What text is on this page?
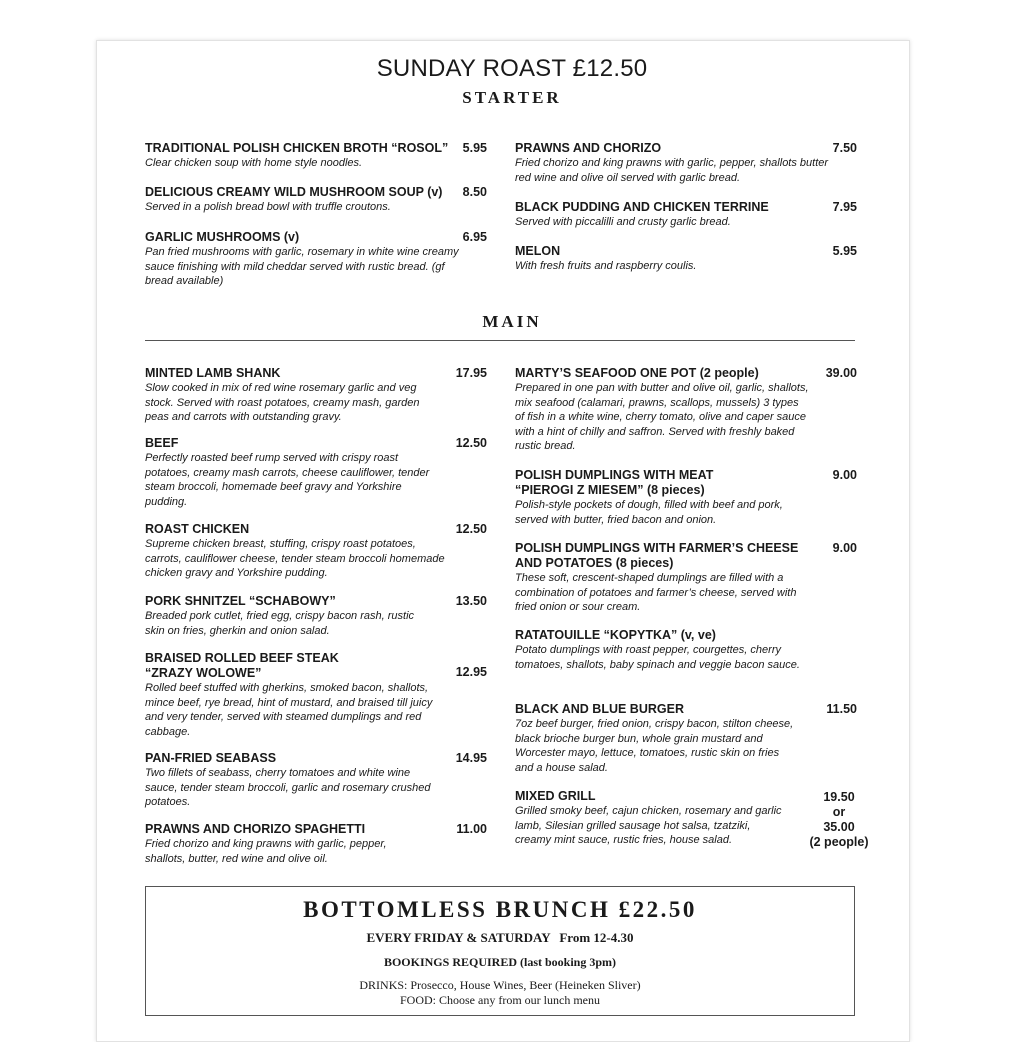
SUNDAY ROAST £12.50
STARTER
TRADITIONAL POLISH CHICKEN BROTH “ROSOL”
Clear chicken soup with home style noodles.
5.95
DELICIOUS CREAMY WILD MUSHROOM SOUP (v)
Served in a polish bread bowl with truffle croutons.
8.50
GARLIC MUSHROOMS (v)
Pan fried mushrooms with garlic, rosemary in white wine creamy sauce finishing with mild cheddar served with rustic bread. (gf bread available)
6.95
PRAWNS AND CHORIZO
Fried chorizo and king prawns with garlic, pepper, shallots butter red wine and olive oil served with garlic bread.
7.50
BLACK PUDDING AND CHICKEN TERRINE
Served with piccalilli and crusty garlic bread.
7.95
MELON
With fresh fruits and raspberry coulis.
5.95
MAIN
MINTED LAMB SHANK
Slow cooked in mix of red wine rosemary garlic and veg stock. Served with roast potatoes, creamy mash, garden peas and carrots with outstanding gravy.
17.95
BEEF
Perfectly roasted beef rump served with crispy roast potatoes, creamy mash carrots, cheese cauliflower, tender steam broccoli, homemade beef gravy and Yorkshire pudding.
12.50
ROAST CHICKEN
Supreme chicken breast, stuffing, crispy roast potatoes, carrots, cauliflower cheese, tender steam broccoli homemade chicken gravy and Yorkshire pudding.
12.50
PORK SHNITZEL “SCHABOWY”
Breaded pork cutlet, fried egg, crispy bacon rash, rustic skin on fries, gherkin and onion salad.
13.50
BRAISED ROLLED BEEF STEAK
“ZRAZY WOLOWE”
Rolled beef stuffed with gherkins, smoked bacon, shallots, mince beef, rye bread, hint of mustard, and braised till juicy and very tender, served with steamed dumplings and red cabbage.
12.95
PAN-FRIED SEABASS
Two fillets of seabass, cherry tomatoes and white wine sauce, tender steam broccoli, garlic and rosemary crushed potatoes.
14.95
PRAWNS AND CHORIZO SPAGHETTI
Fried chorizo and king prawns with garlic, pepper, shallots, butter, red wine and olive oil.
11.00
MARTY’S SEAFOOD ONE POT (2 people)
Prepared in one pan with butter and olive oil, garlic, shallots, mix seafood (calamari, prawns, scallops, mussels) 3 types of fish in a white wine, cherry tomato, olive and caper sauce with a hint of chilly and saffron. Served with freshly baked rustic bread.
39.00
POLISH DUMPLINGS WITH MEAT
“PIEROGI Z MIESEM” (8 pieces)
Polish-style pockets of dough, filled with beef and pork, served with butter, fried bacon and onion.
9.00
POLISH DUMPLINGS WITH FARMER’S CHEESE
AND POTATOES (8 pieces)
These soft, crescent-shaped dumplings are filled with a combination of potatoes and farmer’s cheese, served with fried onion or sour cream.
9.00
RATATOUILLE “KOPYTKA” (v, ve)
Potato dumplings with roast pepper, courgettes, cherry tomatoes, shallots, baby spinach and veggie bacon sauce.
BLACK AND BLUE BURGER
7oz beef burger, fried onion, crispy bacon, stilton cheese, black brioche burger bun, whole grain mustard and Worcester mayo, lettuce, tomatoes, rustic skin on fries and a house salad.
11.50
MIXED GRILL
Grilled smoky beef, cajun chicken, rosemary and garlic lamb, Silesian grilled sausage hot salsa, tzatziki, creamy mint sauce, rustic fries, house salad.
19.50
or
35.00
(2 people)
BOTTOMLESS BRUNCH £22.50
EVERY FRIDAY & SATURDAY From 12-4.30
BOOKINGS REQUIRED (last booking 3pm)
DRINKS: Prosecco, House Wines, Beer (Heineken Sliver)
FOOD: Choose any from our lunch menu
